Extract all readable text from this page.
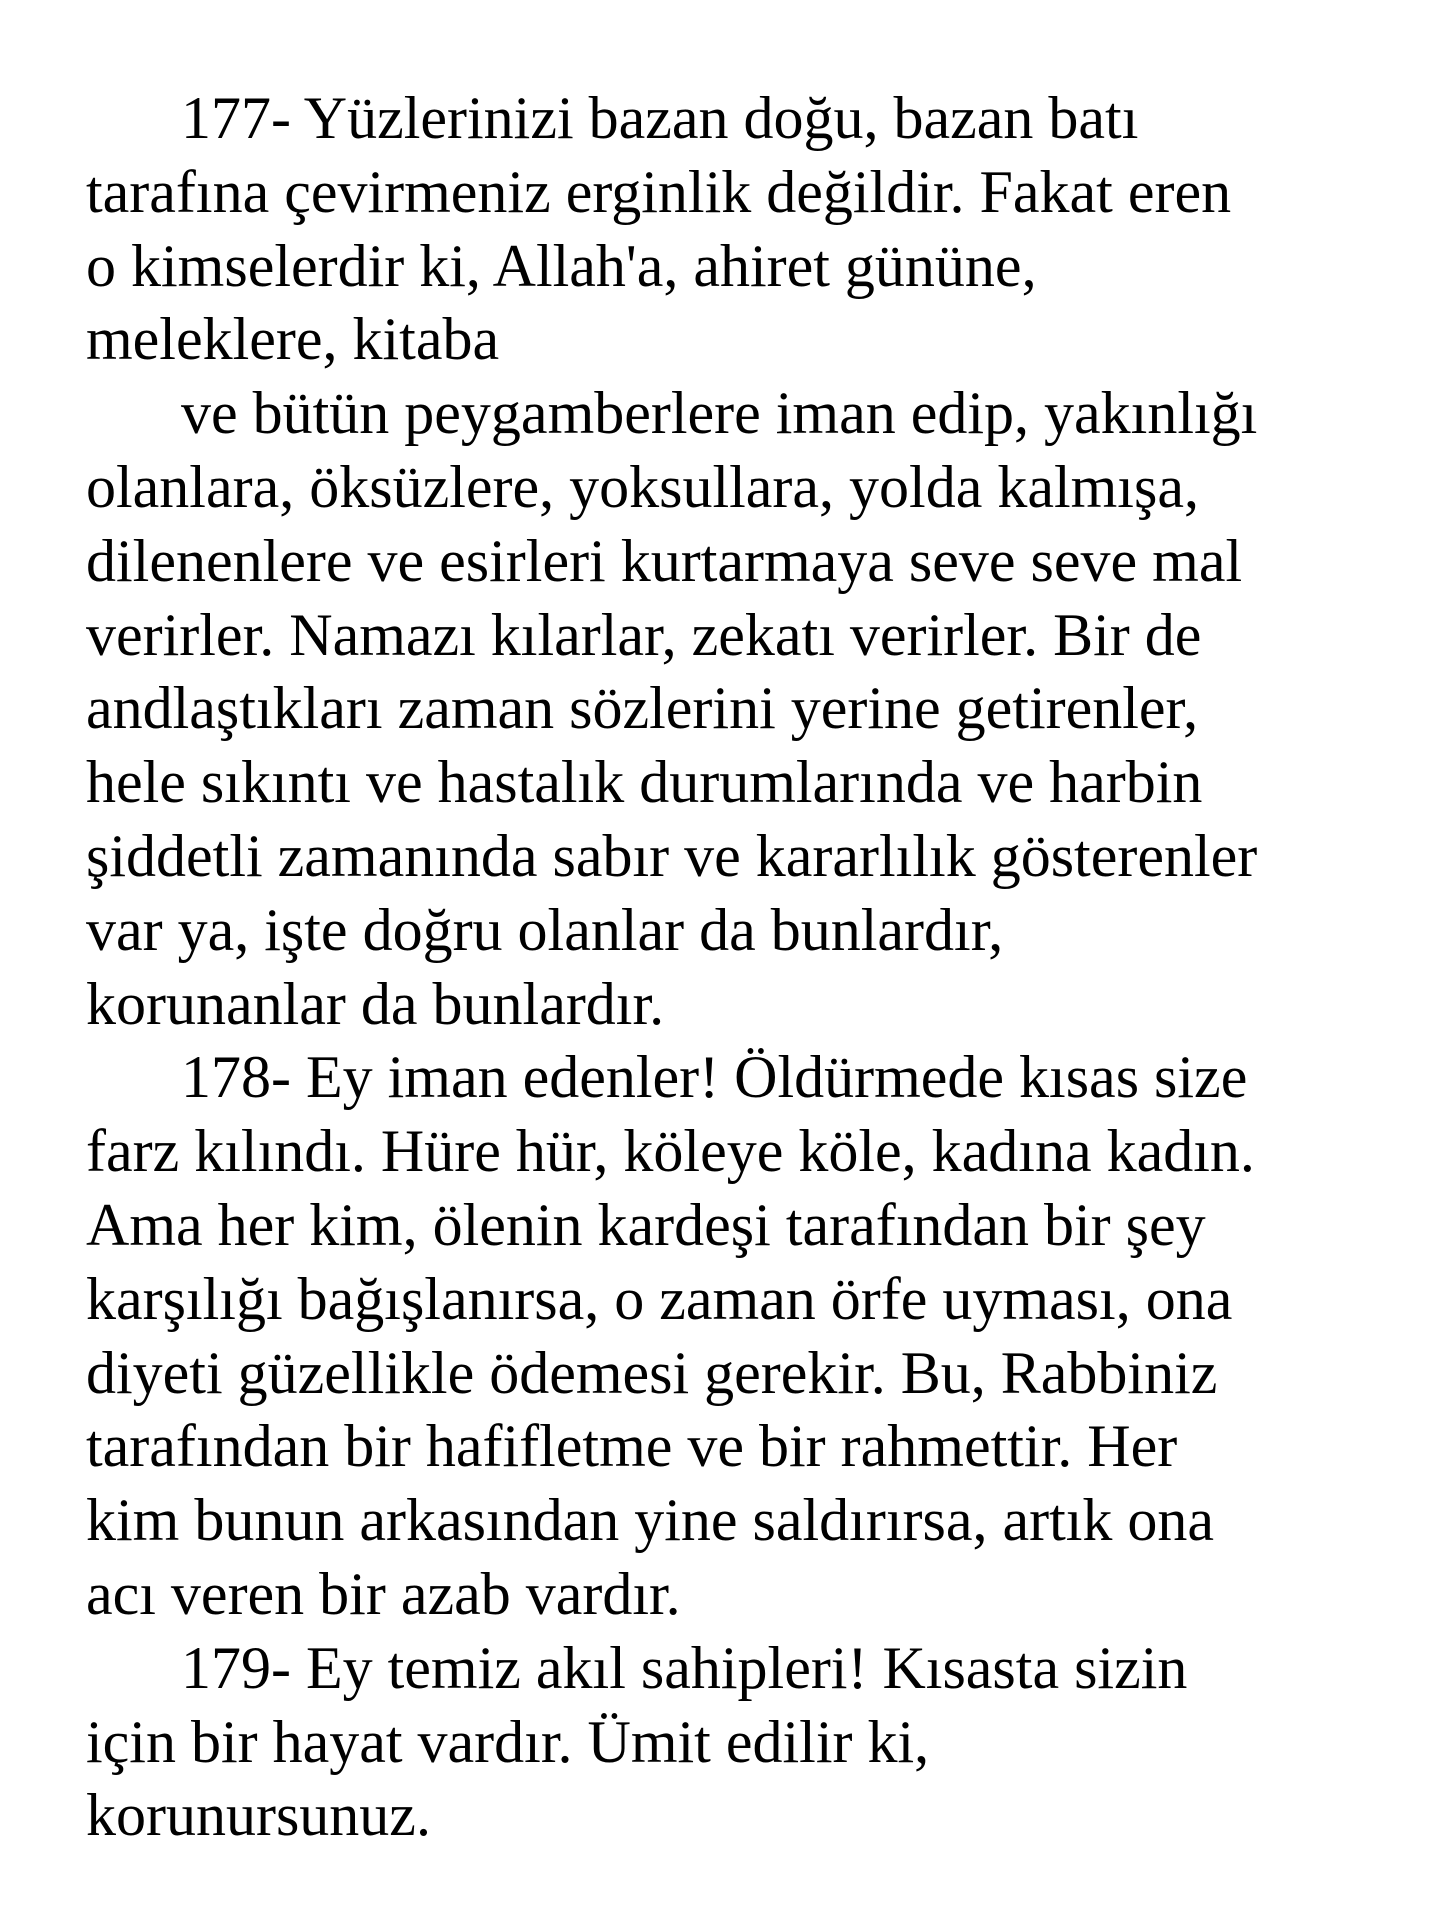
177- Yüzlerinizi bazan doğu, bazan batı
tarafına çevirmeniz erginlik değildir. Fakat eren
o kimselerdir ki, Allah'a, ahiret gününe,
meleklere, kitaba
ve bütün peygamberlere iman edip, yakınlığı
olanlara, öksüzlere, yoksullara, yolda kalmışa,
dilenenlere ve esirleri kurtarmaya seve seve mal
verirler. Namazı kılarlar, zekatı verirler. Bir de
andlaştıkları zaman sözlerini yerine getirenler,
hele sıkıntı ve hastalık durumlarında ve harbin
şiddetli zamanında sabır ve kararlılık gösterenler
var ya, işte doğru olanlar da bunlardır,
korunanlar da bunlardır.
178- Ey iman edenler! Öldürmede kısas size
farz kılındı. Hüre hür, köleye köle, kadına kadın.
Ama her kim, ölenin kardeşi tarafından bir şey
karşılığı bağışlanırsa, o zaman örfe uyması, ona
diyeti güzellikle ödemesi gerekir. Bu, Rabbiniz
tarafından bir hafifletme ve bir rahmettir. Her
kim bunun arkasından yine saldırırsa, artık ona
acı veren bir azab vardır.
179- Ey temiz akıl sahipleri! Kısasta sizin
için bir hayat vardır. Ümit edilir ki,
korunursunuz.
